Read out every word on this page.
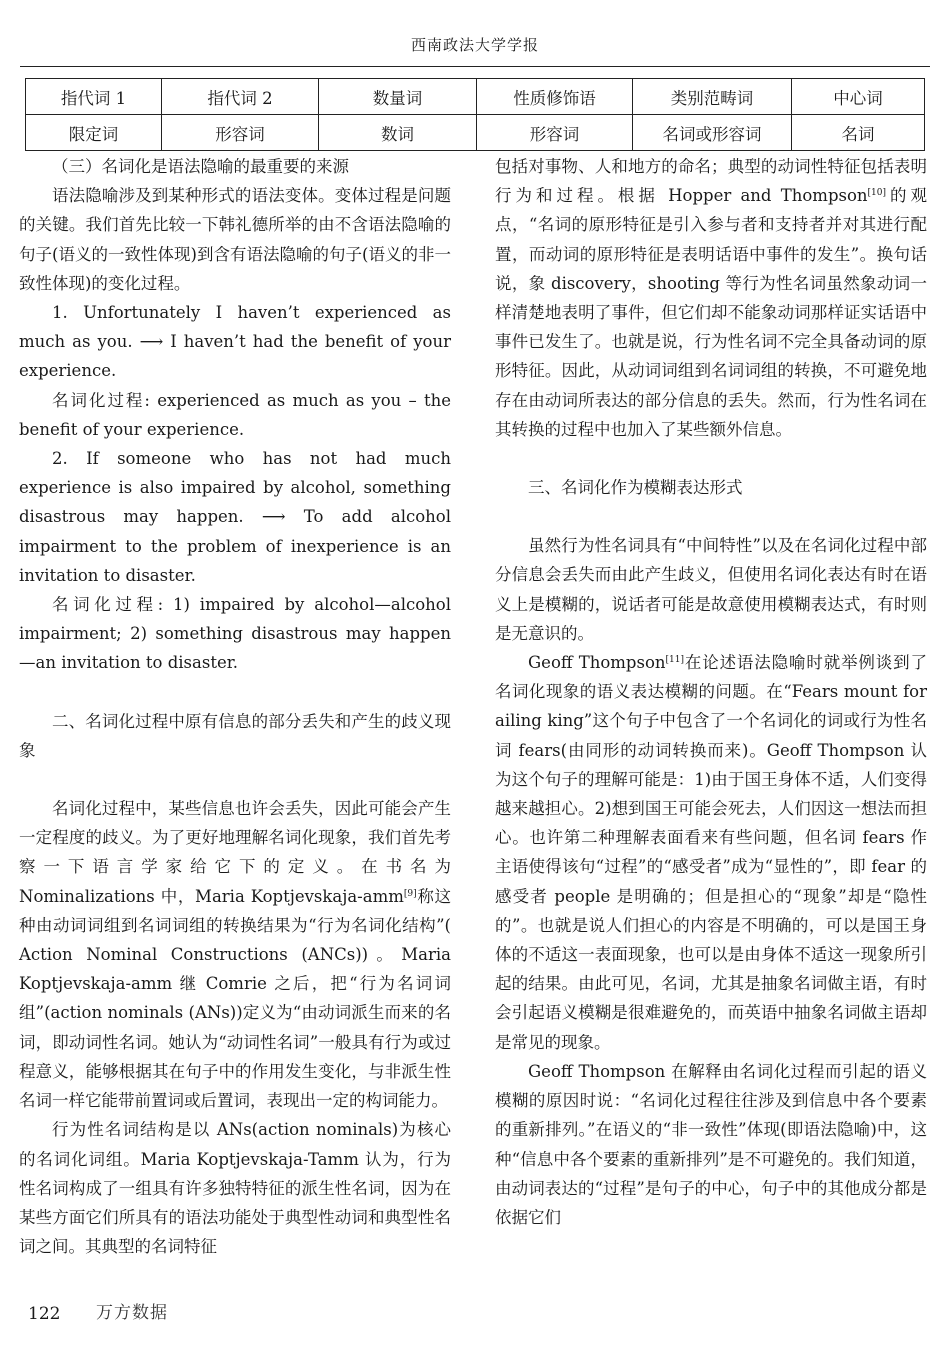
西南政法大学学报
指代词 1	指代词 2	数量词	性质修饰语	类别范畴词	中心词
限定词	形容词	数词	形容词	名词或形容词	名词

（三）名词化是语法隐喻的最重要的来源

语法隐喻涉及到某种形式的语法变体。变体过程是问题的关键。我们首先比较一下韩礼德所举的由不含语法隐喻的句子(语义的一致性体现)到含有语法隐喻的句子(语义的非一致性体现)的变化过程。

1. Unfortunately I haven’t experienced as much as you. ⟶ I haven’t had the benefit of your experience.

名词化过程: experienced as much as you – the benefit of your experience.

2. If someone who has not had much experience is also impaired by alcohol, something disastrous may happen. ⟶ To add alcohol impairment to the problem of inexperience is an invitation to disaster.

名词化过程: 1) impaired by alcohol—alcohol impairment; 2) something disastrous may happen—an invitation to disaster.

二、名词化过程中原有信息的部分丢失和产生的歧义现象

名词化过程中，某些信息也许会丢失，因此可能会产生一定程度的歧义。为了更好地理解名词化现象，我们首先考察一下语言学家给它下的定义。在书名为 Nominalizations 中，Maria Koptjevskaja-amm[9]称这种由动词词组到名词词组的转换结果为“行为名词化结构”( Action Nominal Constructions (ANCs))。Maria Koptjevskaja-amm 继 Comrie 之后，把“行为名词词组”(action nominals (ANs))定义为“由动词派生而来的名词，即动词性名词。她认为“动词性名词”一般具有行为或过程意义，能够根据其在句子中的作用发生变化，与非派生性名词一样它能带前置词或后置词，表现出一定的构词能力。

行为性名词结构是以 ANs(action nominals)为核心的名词化词组。Maria Koptjevskaja-Tamm 认为，行为性名词构成了一组具有许多独特特征的派生性名词，因为在某些方面它们所具有的语法功能处于典型性动词和典型性名词之间。其典型的名词特征

包括对事物、人和地方的命名；典型的动词性特征包括表明行为和过程。根据 Hopper and Thompson[10]的观点，“名词的原形特征是引入参与者和支持者并对其进行配置，而动词的原形特征是表明话语中事件的发生”。换句话说，象 discovery，shooting 等行为性名词虽然象动词一样清楚地表明了事件，但它们却不能象动词那样证实话语中事件已发生了。也就是说，行为性名词不完全具备动词的原形特征。因此，从动词词组到名词词组的转换，不可避免地存在由动词所表达的部分信息的丢失。然而，行为性名词在其转换的过程中也加入了某些额外信息。

三、名词化作为模糊表达形式

虽然行为性名词具有“中间特性”以及在名词化过程中部分信息会丢失而由此产生歧义，但使用名词化表达有时在语义上是模糊的，说话者可能是故意使用模糊表达式，有时则是无意识的。

Geoff Thompson[11]在论述语法隐喻时就举例谈到了名词化现象的语义表达模糊的问题。在“Fears mount for ailing king”这个句子中包含了一个名词化的词或行为性名词 fears(由同形的动词转换而来)。Geoff Thompson 认为这个句子的理解可能是：1)由于国王身体不适，人们变得越来越担心。2)想到国王可能会死去，人们因这一想法而担心。也许第二种理解表面看来有些问题，但名词 fears 作主语使得该句“过程”的“感受者”成为“显性的”，即 fear 的感受者 people 是明确的；但是担心的“现象”却是“隐性的”。也就是说人们担心的内容是不明确的，可以是国王身体的不适这一表面现象，也可以是由身体不适这一现象所引起的结果。由此可见，名词，尤其是抽象名词做主语，有时会引起语义模糊是很难避免的，而英语中抽象名词做主语却是常见的现象。

Geoff Thompson 在解释由名词化过程而引起的语义模糊的原因时说：“名词化过程往往涉及到信息中各个要素的重新排列。”在语义的“非一致性”体现(即语法隐喻)中，这种“信息中各个要素的重新排列”是不可避免的。我们知道，由动词表达的“过程”是句子的中心，句子中的其他成分都是依据它们

122 万方数据
